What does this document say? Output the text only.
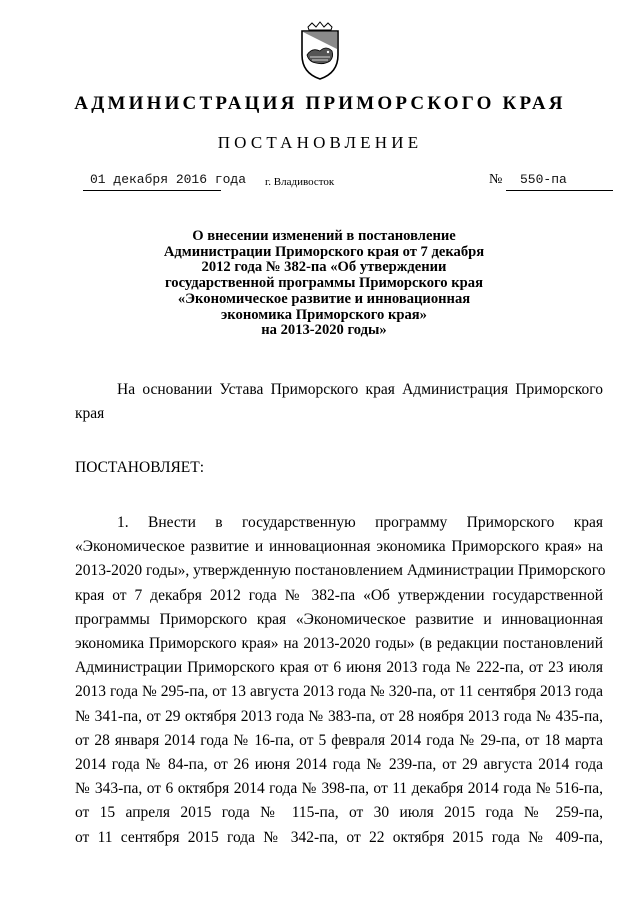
АДМИНИСТРАЦИЯ ПРИМОРСКОГО КРАЯ
ПОСТАНОВЛЕНИЕ
01 декабря 2016 года г. Владивосток	№ 550-па
О внесении изменений в постановление
Администрации Приморского края от 7 декабря
2012 года № 382-па «Об утверждении
государственной программы Приморского края
«Экономическое развитие и инновационная
экономика Приморского края»
на 2013-2020 годы»
На основании Устава Приморского края Администрация Приморского
края
ПОСТАНОВЛЯЕТ:
1. Внести в государственную программу Приморского края
«Экономическое развитие и инновационная экономика Приморского края» на
2013-2020 годы», утвержденную постановлением Администрации Приморского
края от 7 декабря 2012 года № 382-па «Об утверждении государственной
программы Приморского края «Экономическое развитие и инновационная
экономика Приморского края» на 2013-2020 годы» (в редакции постановлений
Администрации Приморского края от 6 июня 2013 года № 222-па, от 23 июля
2013 года № 295-па, от 13 августа 2013 года № 320-па, от 11 сентября 2013 года
№ 341-па, от 29 октября 2013 года № 383-па, от 28 ноября 2013 года № 435-па,
от 28 января 2014 года № 16-па, от 5 февраля 2014 года № 29-па, от 18 марта
2014 года № 84-па, от 26 июня 2014 года № 239-па, от 29 августа 2014 года
№ 343-па, от 6 октября 2014 года № 398-па, от 11 декабря 2014 года № 516-па,
от 15 апреля 2015 года № 115-па, от 30 июля 2015 года № 259-па,
от 11 сентября 2015 года № 342-па, от 22 октября 2015 года № 409-па,
